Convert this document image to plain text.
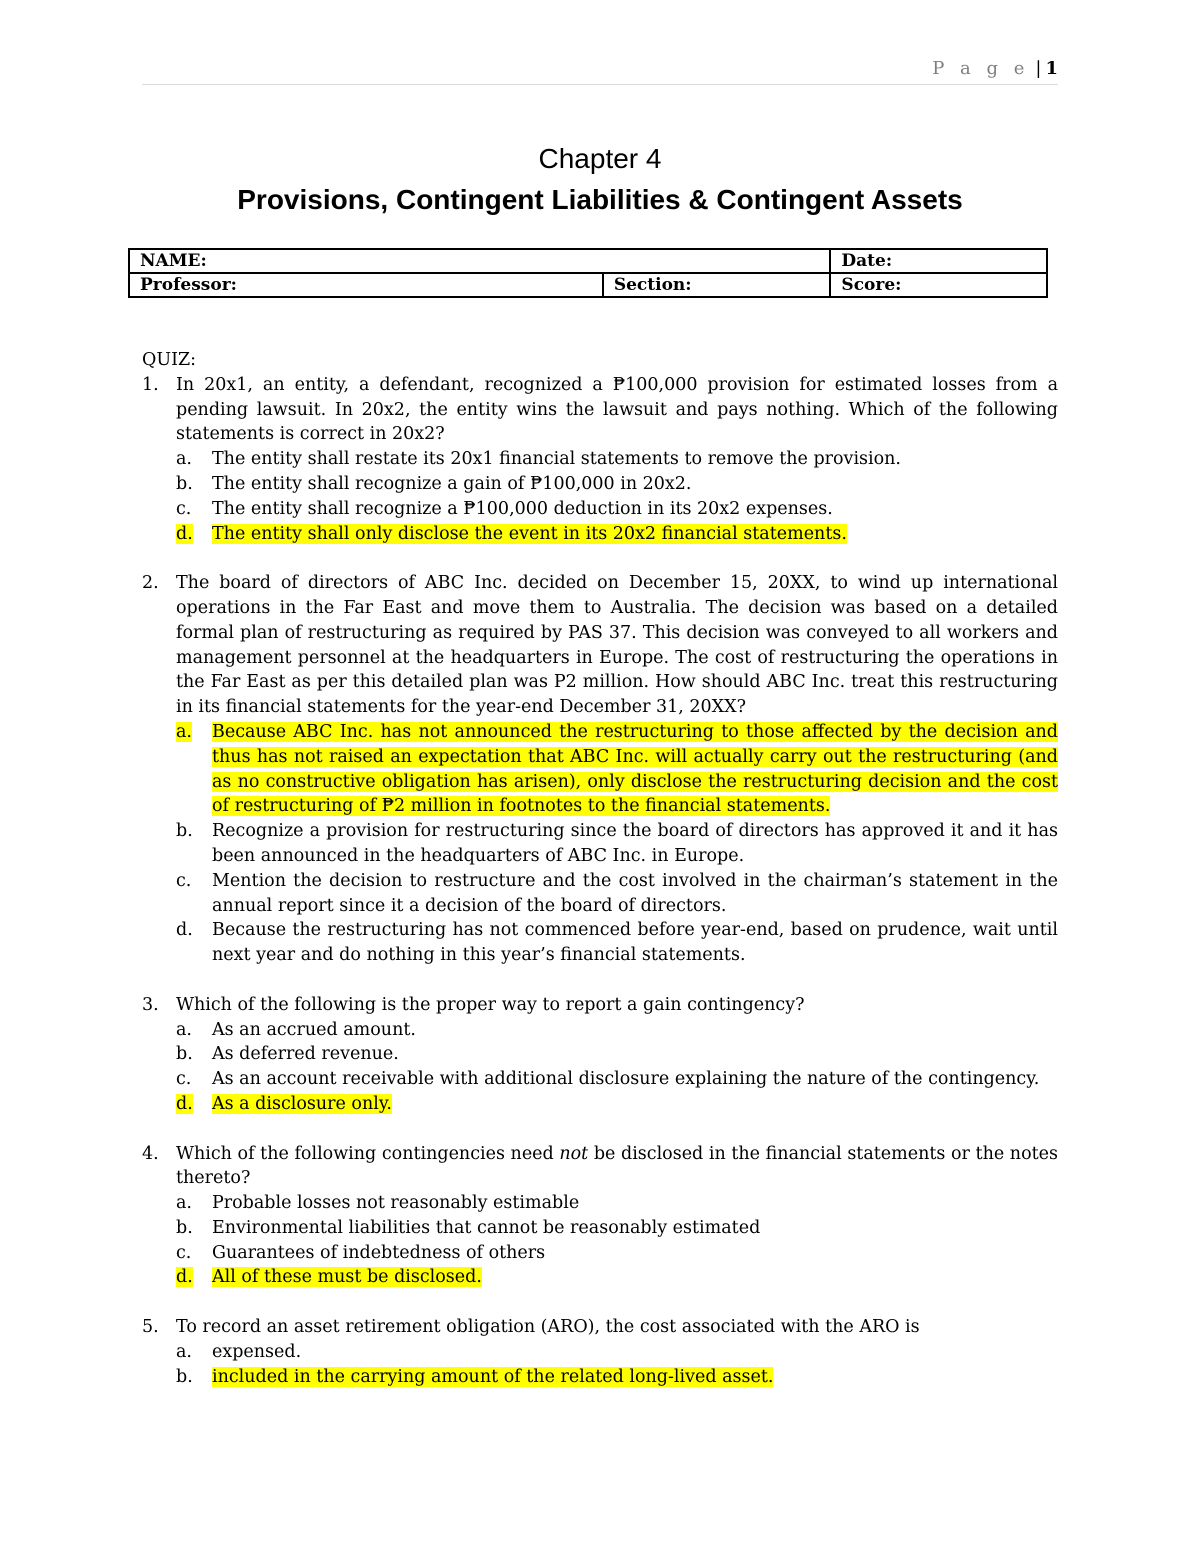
P a g e | 1
Chapter 4
Provisions, Contingent Liabilities & Contingent Assets
NAME:		Date:
Professor:	Section:	Score:

QUIZ:

1. In 20x1, an entity, a defendant, recognized a ₱100,000 provision for estimated losses from a pending lawsuit. In 20x2, the entity wins the lawsuit and pays nothing. Which of the following statements is correct in 20x2?
a.	The entity shall restate its 20x1 financial statements to remove the provision.
b.	The entity shall recognize a gain of ₱100,000 in 20x2.
c.	The entity shall recognize a ₱100,000 deduction in its 20x2 expenses.
d.	The entity shall only disclose the event in its 20x2 financial statements.
2. The board of directors of ABC Inc. decided on December 15, 20XX, to wind up international operations in the Far East and move them to Australia. The decision was based on a detailed formal plan of restructuring as required by PAS 37. This decision was conveyed to all workers and management personnel at the headquarters in Europe. The cost of restructuring the operations in the Far East as per this detailed plan was P2 million. How should ABC Inc. treat this restructuring in its financial statements for the year-end December 31, 20XX?
a.	Because ABC Inc. has not announced the restructuring to those affected by the decision and thus has not raised an expectation that ABC Inc. will actually carry out the restructuring (and as no constructive obligation has arisen), only disclose the restructuring decision and the cost of restructuring of ₱2 million in footnotes to the financial statements.
b.	Recognize a provision for restructuring since the board of directors has approved it and it has been announced in the headquarters of ABC Inc. in Europe.
c.	Mention the decision to restructure and the cost involved in the chairman’s statement in the annual report since it a decision of the board of directors.
d.	Because the restructuring has not commenced before year-end, based on prudence, wait until next year and do nothing in this year’s financial statements.
3. Which of the following is the proper way to report a gain contingency?
a.	As an accrued amount.
b.	As deferred revenue.
c.	As an account receivable with additional disclosure explaining the nature of the contingency.
d.	As a disclosure only.
4. Which of the following contingencies need not be disclosed in the financial statements or the notes thereto?
a.	Probable losses not reasonably estimable
b.	Environmental liabilities that cannot be reasonably estimated
c.	Guarantees of indebtedness of others
d.	All of these must be disclosed.
5. To record an asset retirement obligation (ARO), the cost associated with the ARO is
a.	expensed.
b.	included in the carrying amount of the related long-lived asset.
